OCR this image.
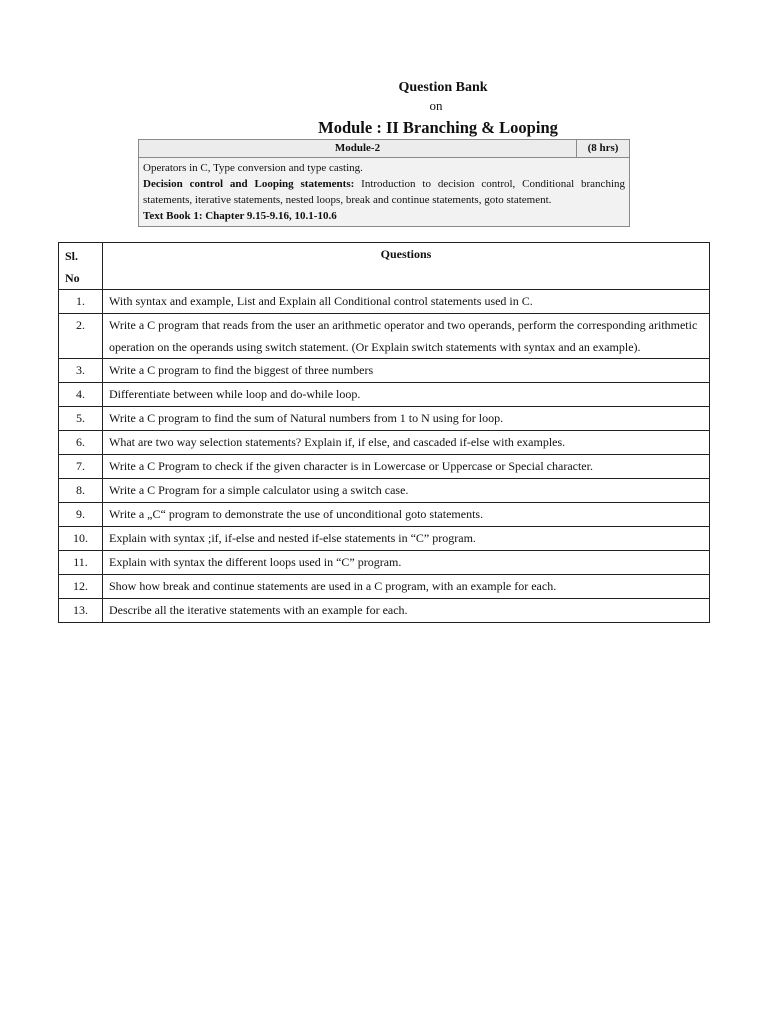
Question Bank
on
Module : II Branching & Looping
Module-2	(8 hrs)
Operators in C, Type conversion and type casting.
Decision control and Looping statements: Introduction to decision control, Conditional branching statements, iterative statements, nested loops, break and continue statements, goto statement.
Text Book 1: Chapter 9.15-9.16, 10.1-10.6
Sl.
No	Questions
1.	With syntax and example, List and Explain all Conditional control statements used in C.
2.	Write a C program that reads from the user an arithmetic operator and two operands, perform the corresponding arithmetic operation on the operands using switch statement. (Or Explain switch statements with syntax and an example).
3.	Write a C program to find the biggest of three numbers
4.	Differentiate between while loop and do-while loop.
5.	Write a C program to find the sum of Natural numbers from 1 to N using for loop.
6.	What are two way selection statements? Explain if, if else, and cascaded if-else with examples.
7.	Write a C Program to check if the given character is in Lowercase or Uppercase or Special character.
8.	Write a C Program for a simple calculator using a switch case.
9.	Write a „C“ program to demonstrate the use of unconditional goto statements.
10.	Explain with syntax ;if, if-else and nested if-else statements in “C” program.
11.	Explain with syntax the different loops used in “C” program.
12.	Show how break and continue statements are used in a C program, with an example for each.
13.	Describe all the iterative statements with an example for each.
